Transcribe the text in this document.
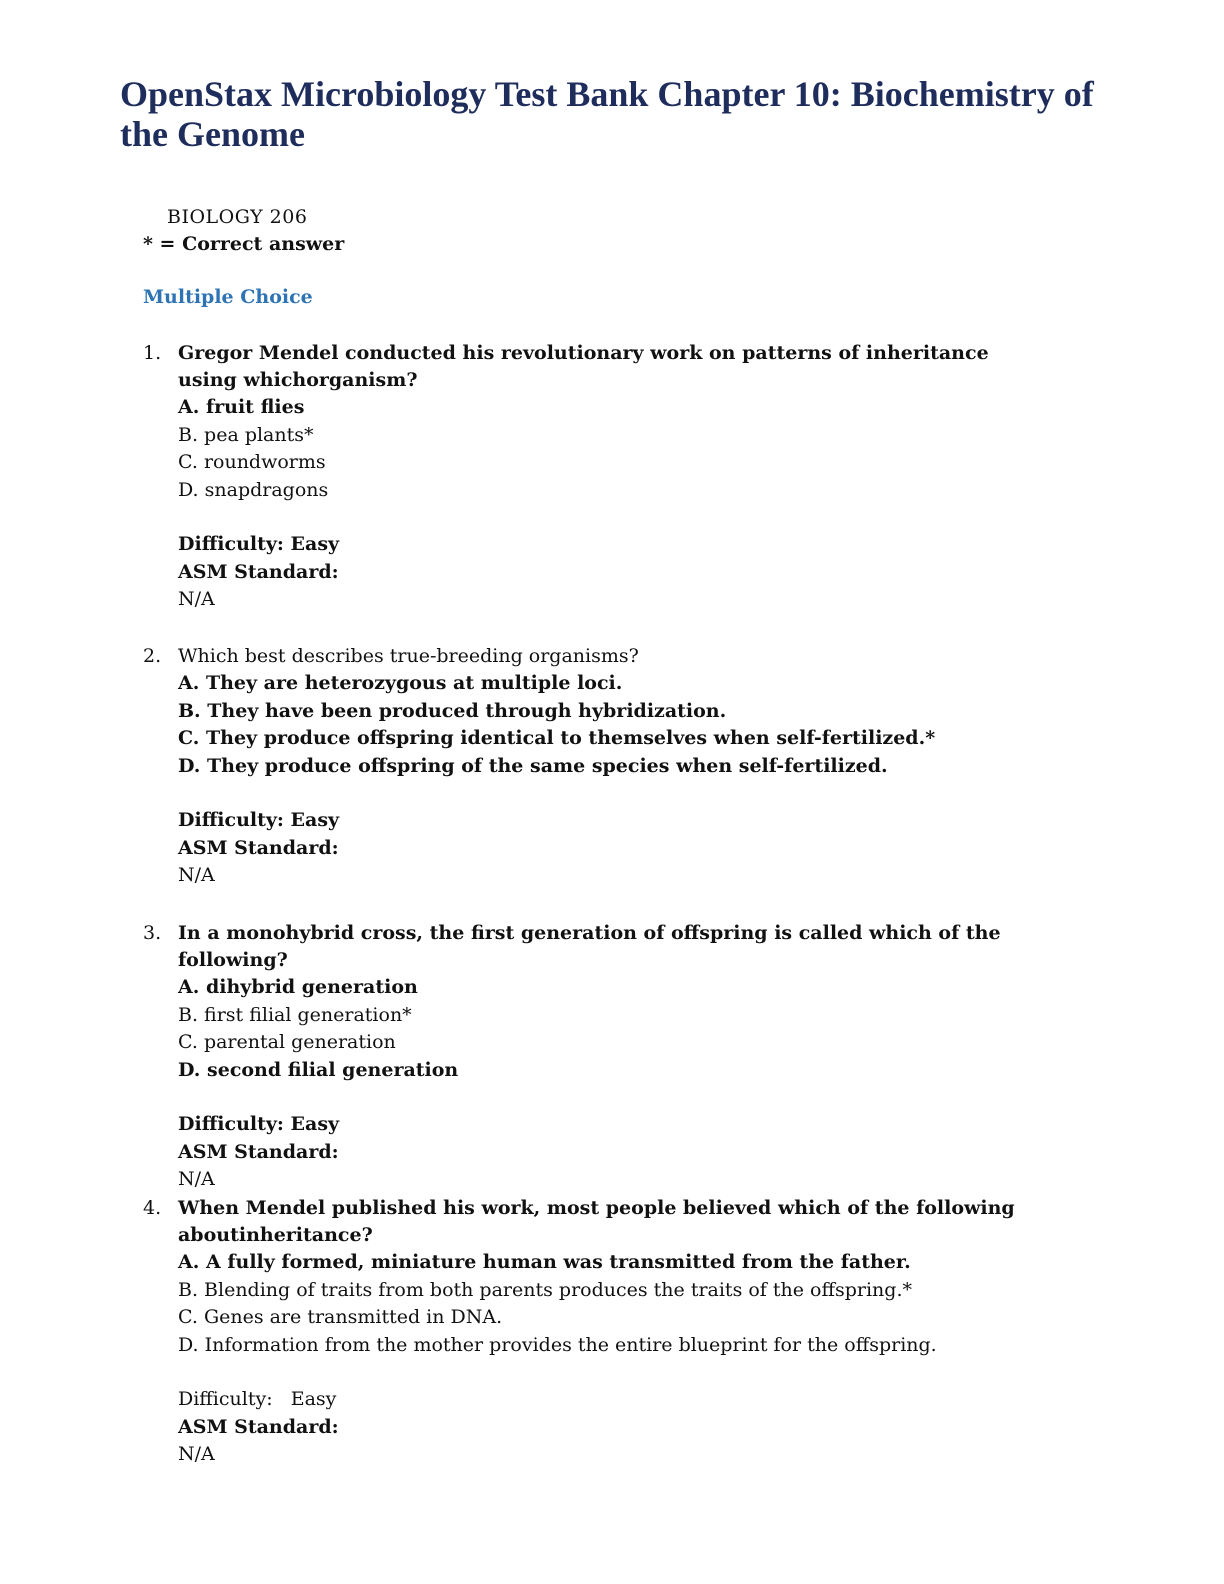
OpenStax Microbiology Test Bank Chapter 10: Biochemistry of the Genome

BIOLOGY 206

* = Correct answer

Multiple Choice
1. Gregor Mendel conducted his revolutionary work on patterns of inheritance using whichorganism?

A. fruit flies

B. pea plants*

C. roundworms

D. snapdragons

Difficulty: Easy

ASM Standard:

N/A

2. Which best describes true-breeding organisms?

A. They are heterozygous at multiple loci.

B. They have been produced through hybridization.

C. They produce offspring identical to themselves when self-fertilized.*

D. They produce offspring of the same species when self-fertilized.

Difficulty: Easy

ASM Standard:

N/A

3. In a monohybrid cross, the first generation of offspring is called which of the following?

A. dihybrid generation

B. first filial generation*

C. parental generation

D. second filial generation

Difficulty: Easy

ASM Standard:

N/A

4. When Mendel published his work, most people believed which of the following aboutinheritance?

A. A fully formed, miniature human was transmitted from the father.

B. Blending of traits from both parents produces the traits of the offspring.*

C. Genes are transmitted in DNA.

D. Information from the mother provides the entire blueprint for the offspring.

Difficulty:   Easy

ASM Standard:

N/A
